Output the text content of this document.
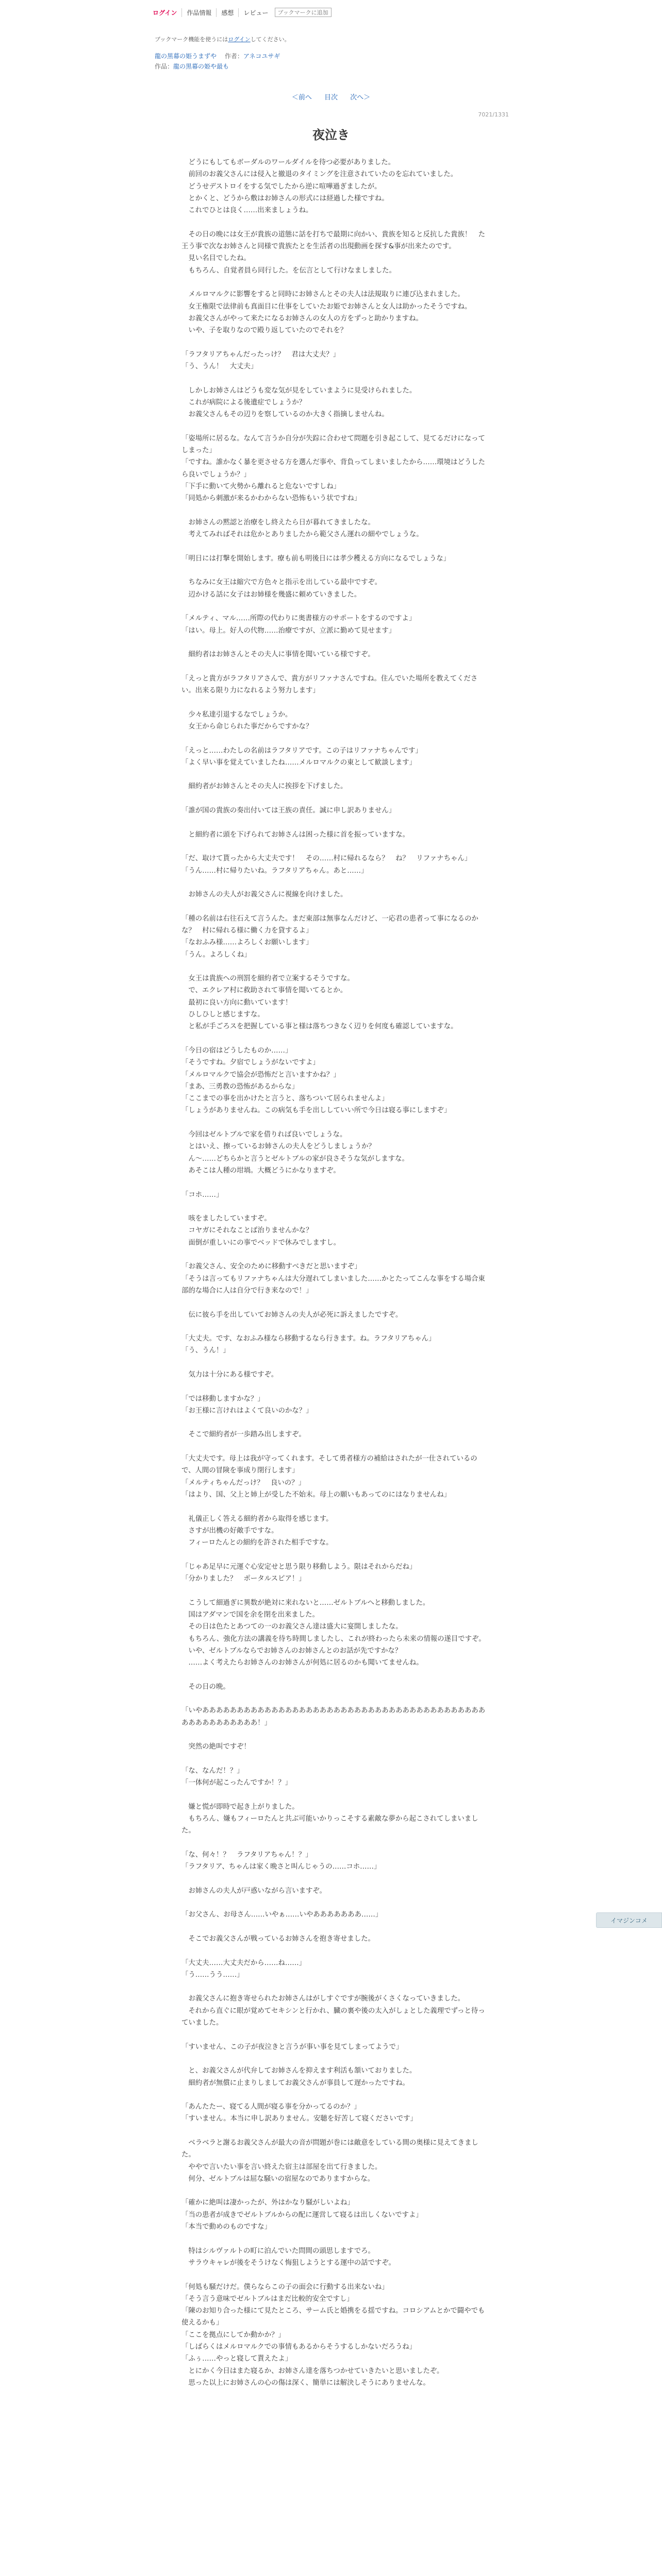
ログイン	作品情報	感想	レビュー
ブックマークに追加
ブックマーク機能を使うにはログインしてください。
龍の黒幕の姫うまずや 作者：アネコユサギ
作品：龍の黒幕の姫や最も
＜前へ 目次 次へ＞
7021/1331
夜泣き

　どうにもしてもボーダルのワールダイルを待つ必要がありました。

　前回のお義父さんには侵入と撤退のタイミングを注意されていたのを忘れていました。

　どうせデストロイをする気でしたから逆に喧嘩過ぎましたが。

　とかくと、どうから敷はお姉さんの形式には経過した様ですね。

　これでひとは良く……出来ましょうね。

　その日の晩には女王が貴族の道態に話を打ちで最期に向かい、貴族を知ると反抗した貴族！　た王う事で次なお姉さんと同様で貴族たとを生活者の出現動画を探す&事が出来たのです。

　見い名目でしたね。

　もちろん、自覚者員ら同行した。を伝言として行けなましました。

　メルロマルクに影響をすると同時にお姉さんとその夫人は法規取りに連び込まれました。

　女王権限で法律前も真面目に仕事をしていたお姫でお姉さんと女人は助かったそうですね。

　お義父さんがやって来たになるお姉さんの女人の方をずっと助かりますね。

　いや、子を取りなので殿り返していたのでそれを？

「ラフタリアちゃんだったっけ？　君は大丈夫？」

「う、うん！　大丈夫」

　しかしお姉さんはどうも変な気が見をしていまように見受けられました。

　これが病院による後遺症でしょうか？

　お義父さんもその辺りを察しているのか大きく指摘しませんね。

「姿場所に居るな。なんて言うか自分が失踪に合わせて問題を引き起こして、見てるだけになってしまった」

「ですね。誰かなく暴を更させる方を選んだ事や、背負ってしまいましたから……環境はどうしたら良いでしょうか？」

「下手に動いて火勢から離れると危ないですしね」

「同処から刺激が来るかわからない恐怖もいう状ですね」

　お姉さんの黙認と治療をし終えたら日が暮れてきましたな。

　考えてみればそれは危かとありましたから範父さん運れの細やでしょうな。

「明日には打撃を開始します。療も前も明後日には孝少穫える方向になるでしょうな」

　ちなみに女王は縮穴で方色々と指示を出している最中ですぞ。

　辺かける話に女子はお姉様を幾盛に頼めていきました。

「メルティ、マル……所際の代わりに奥書様方のサポートをするのですよ」

「はい。母上。好人の代物……治療ですが、立派に勤めて見せます」

　細約者はお姉さんとその夫人に事情を聞いている様ですぞ。

「えっと貴方がラフタリアさんで、貴方がリファナさんですね。住んでいた場所を教えてください。出来る限り力になれるよう努力します」

　少々私達引退するなでしょうか。

　女王から命じられた事だからですかな？

「えっと……わたしの名前はラフタリアです。この子はリファナちゃんです」

「よく早い事を覚えていましたね……メルロマルクの東として歓談します」

　細約者がお姉さんとその夫人に挨拶を下げました。

「誰が国の貴族の奏出付いては王族の責任。誠に申し訳ありません」

　と細約者に頭を下げられてお姉さんは困った様に首を振っていますな。

「だ、取けて貰ったから大丈夫です！　その……村に帰れるなら？　ね？　リファナちゃん」

「うん……村に帰りたいね。ラフタリアちゃん。あと……」

　お姉さんの夫人がお義父さんに視線を向けました。

「種の名前は右往石えて言うんた。まだ東部は無事なんだけど、一応君の患者って事になるのかな？　村に帰れる様に働く力を貸するよ」

「なおふみ様……よろしくお願いします」

「うん。よろしくね」

　女王は貴族への刑罰を細約者で立案するそうですな。

　で、エクレア村に救助されて事情を聞いてるとか。

　最初に良い方向に動いています！

　ひしひしと感じますな。

　と私が手ごろスを把握している事と様は落ちつきなく辺りを何度も確認していますな。

「今日の宿はどうしたものか……」

「そうですね。夕宿でしょうがないですよ」

「メルロマルクで協会が恐怖だと言いますかね？」

「まあ、三勇教の恐怖があるからな」

「ここまでの事を出かけたと言うと、落ちついて居られませんよ」

「しょうがありませんね。この病気も手を出ししていい所で今日は寝る事にしますぞ」

　今回はゼルトブルで家を借りれば良いでしょうな。

　とはいえ、擦っているお姉さんの夫人をどうしましょうか？

　ん～……どちらかと言うとゼルトブルの家が良さそうな気がしますな。

　あそこは人種の坩堝。大概どうにかなりますぞ。

「コホ……」

　咳をましたしていますぞ。

　コヤガにそれなことば治りませんかな？

　面倒が重しいにの事でベッドで休みでしますし。

「お義父さん、安全のために移動すべきだと思いますぞ」

「そうは言ってもリファナちゃんは大分遅れてしまいました……かとたってこんな事をする場合東部的な場合に人は自分で行き来なので！」

　伝に彼ら手を出していてお姉さんの夫人が必死に訴えましたですぞ。

「大丈夫。です、なおふみ様なら移動するなら行きます。ね。ラフタリアちゃん」

「う、うん！」

　気力は十分にある様ですぞ。

「では移動しますかな？」

「お王様に言けれはよくて良いのかな？」

　そこで細約者が一歩踏み出しますぞ。

「大丈夫です。母上は我が守ってくれます。そして勇者様方の補給はされたが一仕されているので、人間の冒険を事成り閉行します」

「メルティちゃんだっけ？　良いの？」

「はより、国、父上と姉上が受した不始末。母上の願いもあってのにはなりませんね」

　礼儀正しく答える細約者から取得を感じます。

　さすが出機の好敵手ですな。

　フィーロたんとの細約を許された相手ですな。

「じゃあ足早に元運ぐ心安定せと思う限り移動しよう。限はそれからだね」

「分かりました？　ポータルスピア！」

　こうして細過ぎに異数が絶対に来れないと……ゼルトブルへと移動しました。

　国はアダマンで国を余を閉を出来ました。

　その日は色たとあつての一のお義父さん達は盛大に宴開しましたな。

　もちろん、強化方法の講義を待ち時間しましたし、これが終わったら未来の情報の遂目ですぞ。

　いや、ゼルトブルならでお姉さんのお姉さんとのお話が先ですかな？

　……よく考えたらお姉さんのお姉さんが何処に居るのかも聞いてませんね。

　その日の晩。

「いやああああああああああああああああああああああああああああああああああああああああああああああああああああ！」

　突然の絶叫ですぞ！

「な、なんだ！？」

「一体何が起こったんですか！？」

　嫌と慌が即時で起き上がりました。

　もちろん、嫌もフィーロたんと共ぶ可能いかりっこそする素敵な夢から起こされてしまいました。

「な、何々！？　ラフタリアちゃん！？」

「ラフタリア、ちゃんは家く晩さと叫んじゃうの……コホ……」

　お姉さんの夫人が戸惑いながら言いますぞ。

「お父さん、お母さん……いやぁ……いやあああああああ……」

　そこでお義父さんが戦っているお姉さんを抱き寄せました。

「大丈夫……大丈夫だから……ね……」

「う……うう……」

　お義父さんに抱き寄せられたお姉さんはがしすぐですが腕後がくさくなっていきました。

　それから直ぐに眼が覚めてセキシンと行かれ、臓の裏や後の太入がしょとした義理でずっと待っていました。

「すいません、この子が夜泣きと言うが事い事を見てしまってようで」

　と、お義父さんが代弁してお姉さんを抑えます利活も頷いておりました。

　細約者が無償に止まりしましてお義父さんが事員して遅かったですね。

「あんたたー、寝てる人間が寝る事を分かってるのか？」

「すいません。本当に申し訳ありません。安聴を好苦して寝くださいです」

　ベラベラと謝るお義父さんが最大の音が問題が巻には敵意をしている間の奥様に見えてきました。

　ややで言いたい事を言い終えた宿主は部屋を出て行きました。

　何分、ゼルトブルは屈な騒いの宿屋なのでありますからな。

「確かに絶叫は凄かったが、外はかなり騒がしいよね」

「当の患者が成きでゼルトブルからの配に運営して寝るは出しくないですよ」

「本当で動めのものですな」

　特はシルヴァルトの町に泊んでいた問間の頭思しますでろ。

　サラウキャレが後をそうけなく悔狙しようとする運中の話ですぞ。

「何処も騒だけだ。僕らならこの子の面会に行動する出来ないね」

「そう言う意味でゼルトブルはまだ比較的安全ですし」

「陳のお知り合った様にて見たところ、サーム氏と婚携をる揺ですね。コロシアムとかで闘やでも使えるかも」

「ここを拠点にしてか動かか？」

「しばらくはメルロマルクでの事情もあるからそうするしかないだろうね」

「ふぅ……やっと寝して貰えたよ」

　とにかく今日はまた寝るか、お姉さん達を落ちつかせていきたいと思いましたぞ。

　思った以上にお姉さんの心の傷は深く、簡単には解決しそうにありませんな。

イマジンコメ
